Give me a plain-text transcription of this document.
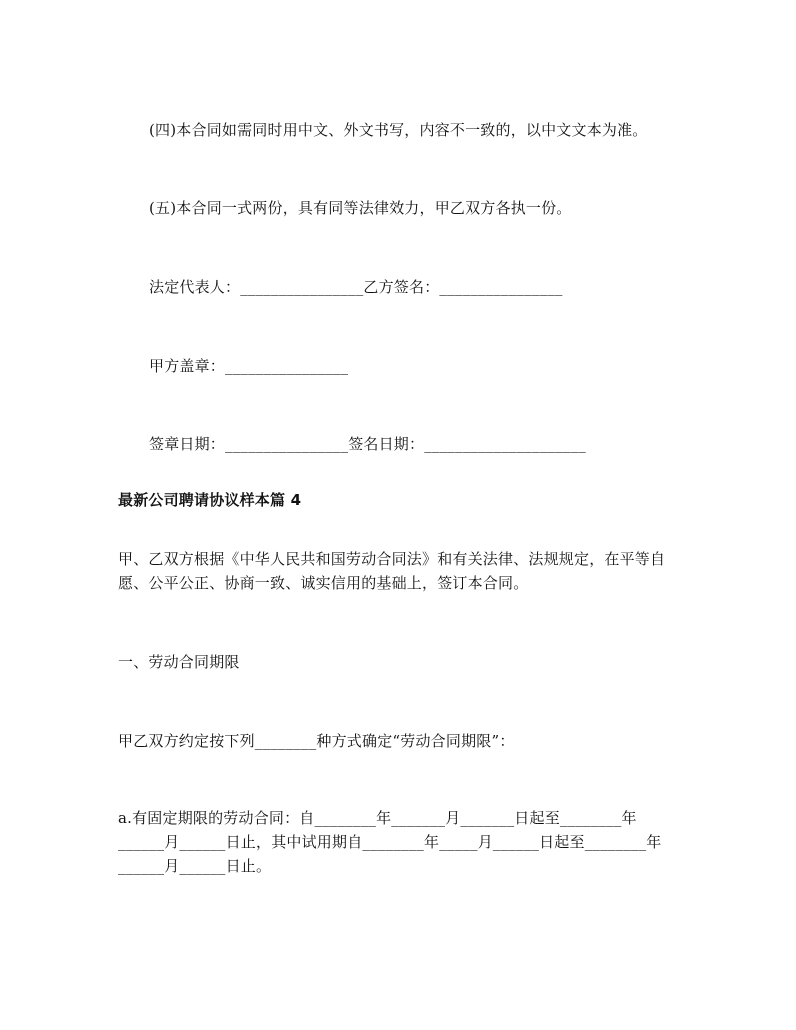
(四)本合同如需同时用中文、外文书写，内容不一致的，以中文文本为准。
(五)本合同一式两份，具有同等法律效力，甲乙双方各执一份。
法定代表人：________________乙方签名：________________
甲方盖章：________________
签章日期：________________签名日期：_____________________
最新公司聘请协议样本篇 4
甲、乙双方根据《中华人民共和国劳动合同法》和有关法律、法规规定，在平等自
愿、公平公正、协商一致、诚实信用的基础上，签订本合同。
一、劳动合同期限
甲乙双方约定按下列________种方式确定“劳动合同期限”：
a.有固定期限的劳动合同：自________年_______月_______日起至________年
______月______日止，其中试用期自________年_____月______日起至________年
______月______日止。
